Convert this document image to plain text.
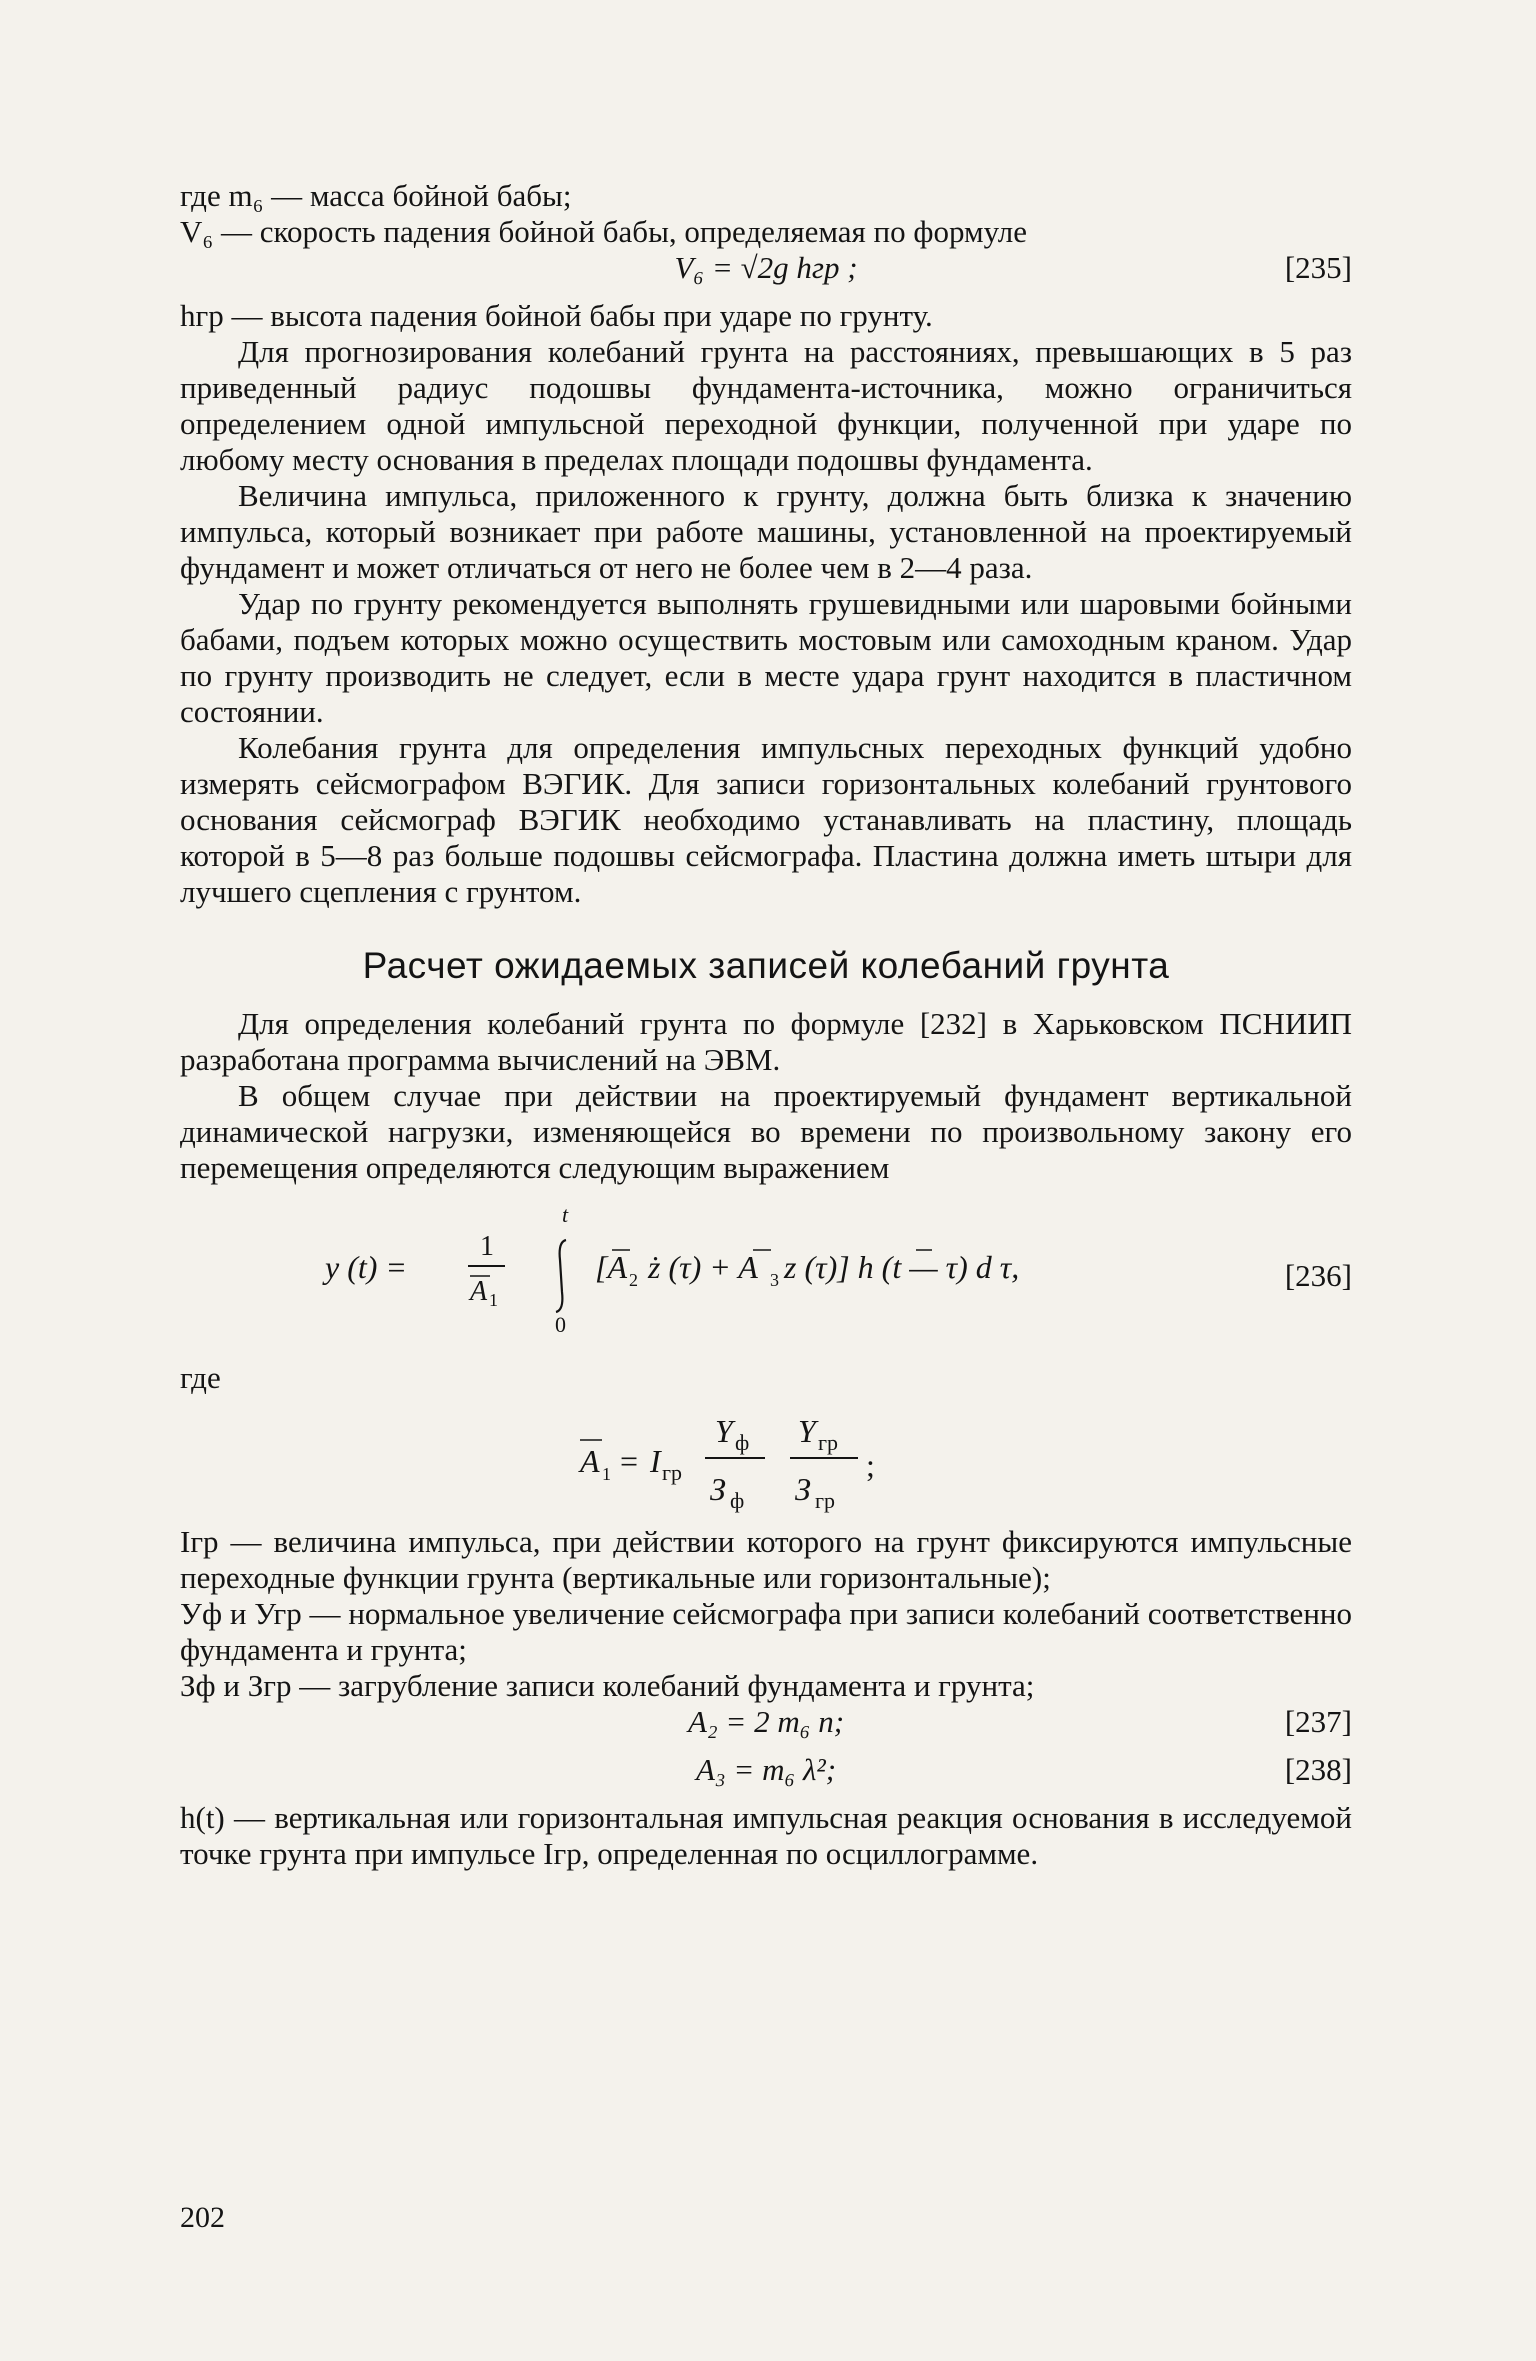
где m₆ — масса бойной бабы;

V₆ — скорость падения бойной бабы, определяемая по формуле

V₆ = √2g hгр ;	[235]

hгр — высота падения бойной бабы при ударе по грунту.

Для прогнозирования колебаний грунта на расстояниях, превышающих в 5 раз приведенный радиус подошвы фундамента-источника, можно ограничиться определением одной импульсной переходной функции, полученной при ударе по любому месту основания в пределах площади подошвы фундамента.

Величина импульса, приложенного к грунту, должна быть близка к значению импульса, который возникает при работе машины, установленной на проектируемый фундамент и может отличаться от него не более чем в 2—4 раза.

Удар по грунту рекомендуется выполнять грушевидными или шаровыми бойными бабами, подъем которых можно осуществить мостовым или самоходным краном. Удар по грунту производить не следует, если в месте удара грунт находится в пластичном состоянии.

Колебания грунта для определения импульсных переходных функций удобно измерять сейсмографом ВЭГИК. Для записи горизонтальных колебаний грунтового основания сейсмограф ВЭГИК необходимо устанавливать на пластину, площадь которой в 5—8 раз больше подошвы сейсмографа. Пластина должна иметь штыри для лучшего сцепления с грунтом.

Расчет ожидаемых записей колебаний грунта

Для определения колебаний грунта по формуле [232] в Харьковском ПСНИИП разработана программа вычислений на ЭВМ.

В общем случае при действии на проектируемый фундамент вертикальной динамической нагрузки, изменяющейся во времени по произвольному закону его перемещения определяются следующим выражением

y (t) =
1
A 1
t
0
[A 2 ż (τ) + A 3 z (τ)] h (t — τ) d τ,	[236]

где

A 1 = I гр
Y ф
З ф
Y гр
З гр
;

Iгр — величина импульса, при действии которого на грунт фиксируются импульсные переходные функции грунта (вертикальные или горизонтальные);

Уф и Угр — нормальное увеличение сейсмографа при записи колебаний соответственно фундамента и грунта;

Зф и Згр — загрубление записи колебаний фундамента и грунта;

A₂ = 2 m₆ n;	[237]
A₃ = m₆ λ²;	[238]

h(t) — вертикальная или горизонтальная импульсная реакция основания в исследуемой точке грунта при импульсе Iгр, определенная по осциллограмме.

202
